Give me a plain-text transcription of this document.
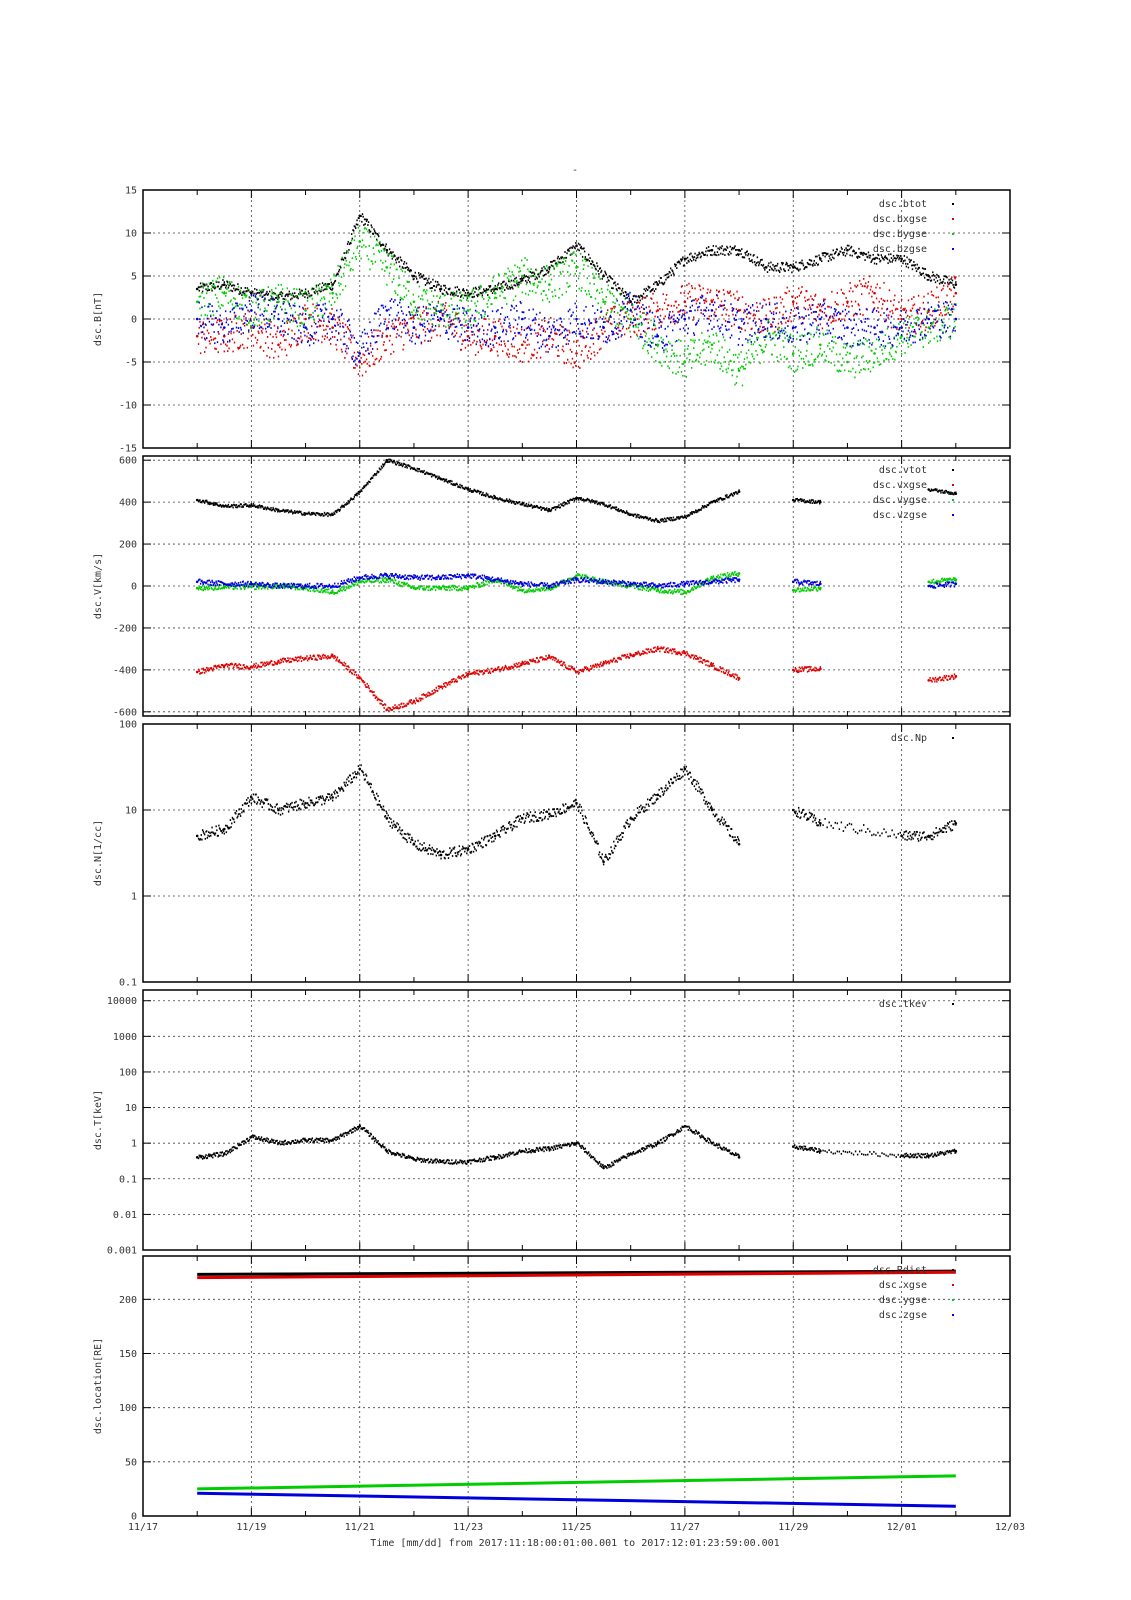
-
-15
-10
-5
0
5
10
15
dsc.B[nT]
dsc.btot
dsc.bxgse
dsc.bygse
dsc.bzgse
-600
-400
-200
0
200
400
600
dsc.V[km/s]
dsc.vtot
dsc.vxgse
dsc.vygse
dsc.vzgse
0.1
1
10
100
dsc.N[1/cc]
dsc.Np
0.001
0.01
0.1
1
10
100
1000
10000
dsc.T[keV]
dsc.tkev
0
50
100
150
200
dsc.location[RE]
dsc.Rdist
dsc.xgse
dsc.ygse
dsc.zgse
11/17	11/19	11/21	11/23	11/25	11/27	11/29	12/01	12/03
Time [mm/dd] from 2017:11:18:00:01:00.001 to 2017:12:01:23:59:00.001
